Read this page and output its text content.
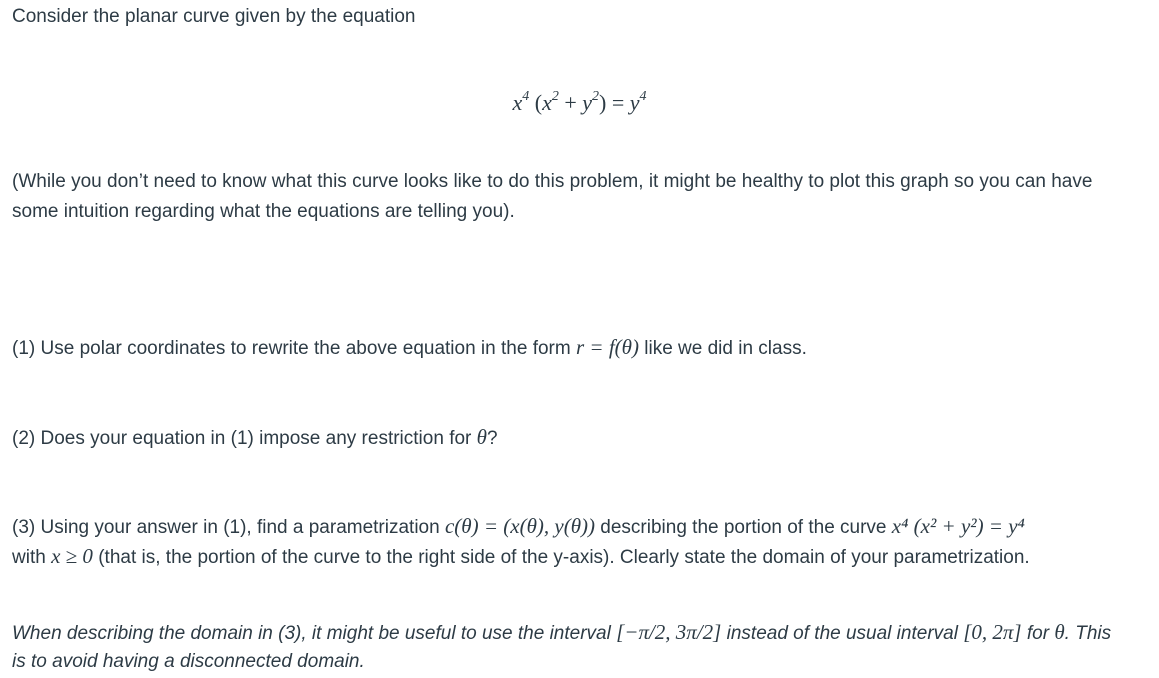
Consider the planar curve given by the equation

$x^4$ $(x^2 + y^2) = y^4$

(While you don’t need to know what this curve looks like to do this problem, it might be healthy to plot this graph so you can have

some intuition regarding what the equations are telling you).

(1) Use polar coordinates to rewrite the above equation in the form r = f(θ) like we did in class.

(2) Does your equation in (1) impose any restriction for θ?

(3) Using your answer in (1), find a parametrization c(θ) = (x(θ), y(θ)) describing the portion of the curve x⁴ (x² + y²) = y⁴

with x ≥ 0 (that is, the portion of the curve to the right side of the y-axis). Clearly state the domain of your parametrization.

When describing the domain in (3), it might be useful to use the interval [−π/2, 3π/2] instead of the usual interval [0, 2π] for θ. This

is to avoid having a disconnected domain.
